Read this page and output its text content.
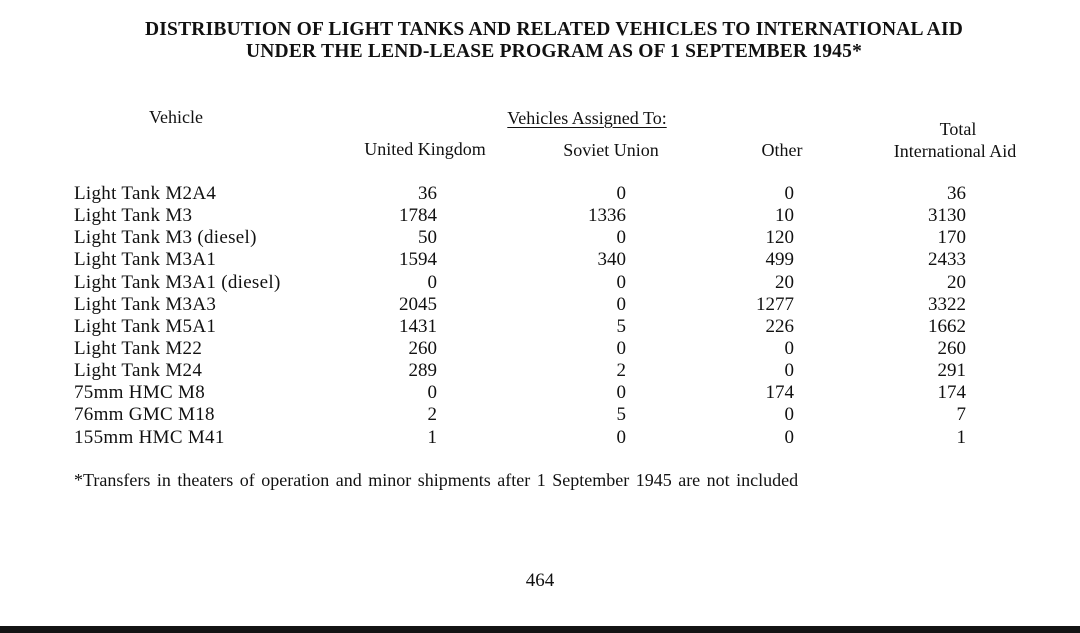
DISTRIBUTION OF LIGHT TANKS AND RELATED VEHICLES TO INTERNATIONAL AID
UNDER THE LEND-LEASE PROGRAM AS OF 1 SEPTEMBER 1945*
Vehicle	Vehicles Assigned To:
United Kingdom	Soviet Union	Other
Total
International Aid
Light Tank M2A4	36	0	0	36
Light Tank M3	1784	1336	10	3130
Light Tank M3 (diesel)	50	0	120	170
Light Tank M3A1	1594	340	499	2433
Light Tank M3A1 (diesel)	0	0	20	20
Light Tank M3A3	2045	0	1277	3322
Light Tank M5A1	1431	5	226	1662
Light Tank M22	260	0	0	260
Light Tank M24	289	2	0	291
75mm HMC M8	0	0	174	174
76mm GMC M18	2	5	0	7
155mm HMC M41	1	0	0	1
*Transfers in theaters of operation and minor shipments after 1 September 1945 are not included
464
